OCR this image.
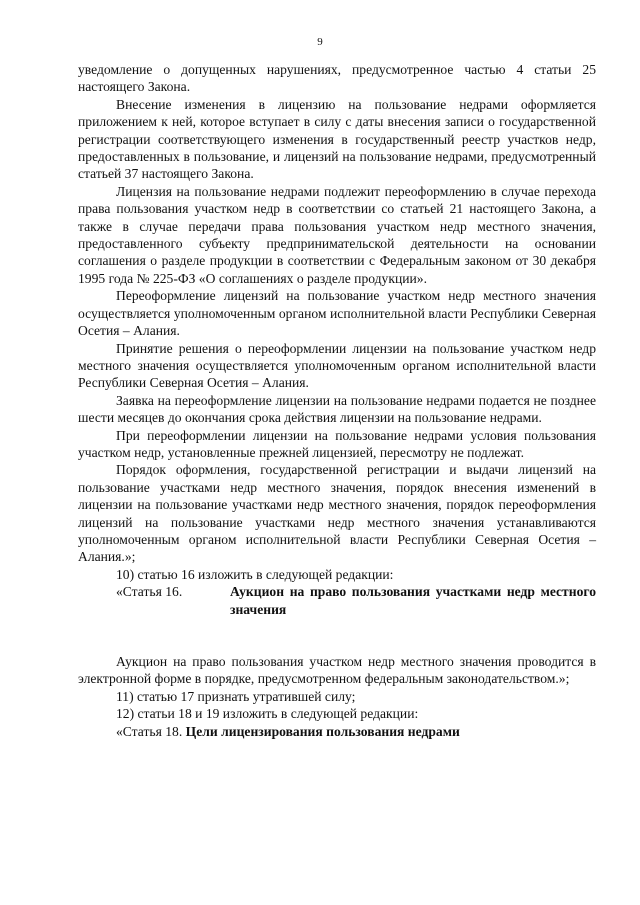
9

уведомление о допущенных нарушениях, предусмотренное частью 4 статьи 25 настоящего Закона.

Внесение изменения в лицензию на пользование недрами оформляется приложением к ней, которое вступает в силу с даты внесения записи о государственной регистрации соответствующего изменения в государственный реестр участков недр, предоставленных в пользование, и лицензий на пользование недрами, предусмотренный статьей 37 настоящего Закона.

Лицензия на пользование недрами подлежит переоформлению в случае перехода права пользования участком недр в соответствии со статьей 21 настоящего Закона, а также в случае передачи права пользования участком недр местного значения, предоставленного субъекту предпринимательской деятельности на основании соглашения о разделе продукции в соответствии с Федеральным законом от 30 декабря 1995 года № 225-ФЗ «О соглашениях о разделе продукции».

Переоформление лицензий на пользование участком недр местного значения осуществляется уполномоченным органом исполнительной власти Республики Северная Осетия – Алания.

Принятие решения о переоформлении лицензии на пользование участком недр местного значения осуществляется уполномоченным органом исполнительной власти Республики Северная Осетия – Алания.

Заявка на переоформление лицензии на пользование недрами подается не позднее шести месяцев до окончания срока действия лицензии на пользование недрами.

При переоформлении лицензии на пользование недрами условия пользования участком недр, установленные прежней лицензией, пересмотру не подлежат.

Порядок оформления, государственной регистрации и выдачи лицензий на пользование участками недр местного значения, порядок внесения изменений в лицензии на пользование участками недр местного значения, порядок переоформления лицензий на пользование участками недр местного значения устанавливаются уполномоченным органом исполнительной власти Республики Северная Осетия – Алания.»;

10) статью 16 изложить в следующей редакции:

«Статья 16.	Аукцион на право пользования участками недр местного значения

Аукцион на право пользования участком недр местного значения проводится в электронной форме в порядке, предусмотренном федеральным законодательством.»;

11) статью 17 признать утратившей силу;

12) статьи 18 и 19 изложить в следующей редакции:

«Статья 18. Цели лицензирования пользования недрами
